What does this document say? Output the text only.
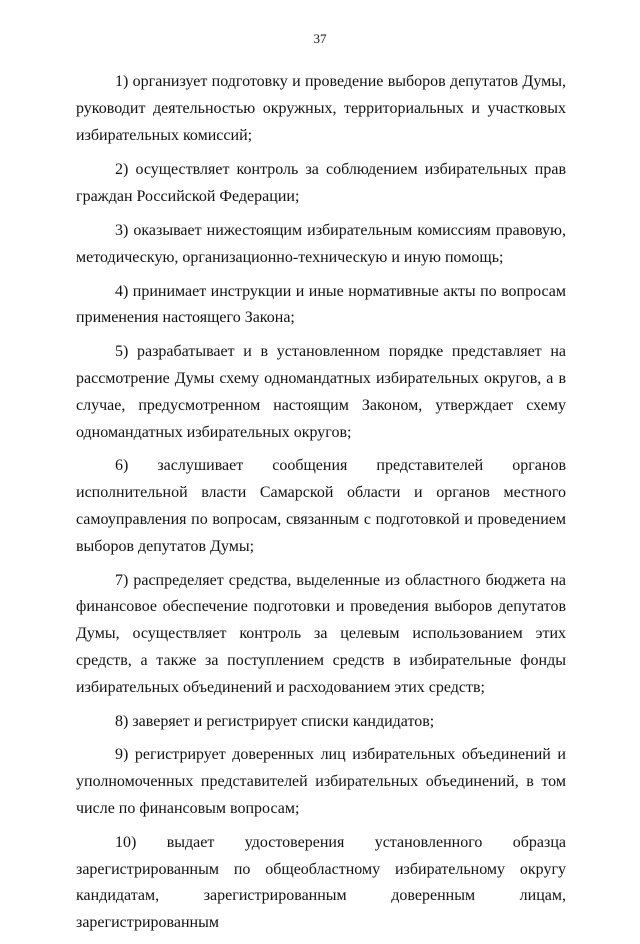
37

1) организует подготовку и проведение выборов депутатов Думы, руководит деятельностью окружных, территориальных и участковых избирательных комиссий;

2) осуществляет контроль за соблюдением избирательных прав граждан Российской Федерации;

3) оказывает нижестоящим избирательным комиссиям правовую, методическую, организационно-техническую и иную помощь;

4) принимает инструкции и иные нормативные акты по вопросам применения настоящего Закона;

5) разрабатывает и в установленном порядке представляет на рассмотрение Думы схему одномандатных избирательных округов, а в случае, предусмотренном настоящим Законом, утверждает схему одномандатных избирательных округов;

6) заслушивает сообщения представителей органов исполнительной власти Самарской области и органов местного самоуправления по вопросам, связанным с подготовкой и проведением выборов депутатов Думы;

7) распределяет средства, выделенные из областного бюджета на финансовое обеспечение подготовки и проведения выборов депутатов Думы, осуществляет контроль за целевым использованием этих средств, а также за поступлением средств в избирательные фонды избирательных объединений и расходованием этих средств;

8) заверяет и регистрирует списки кандидатов;

9) регистрирует доверенных лиц избирательных объединений и уполномоченных представителей избирательных объединений, в том числе по финансовым вопросам;

10) выдает удостоверения установленного образца зарегистрированным по общеобластному избирательному округу кандидатам, зарегистрированным доверенным лицам, зарегистрированным
